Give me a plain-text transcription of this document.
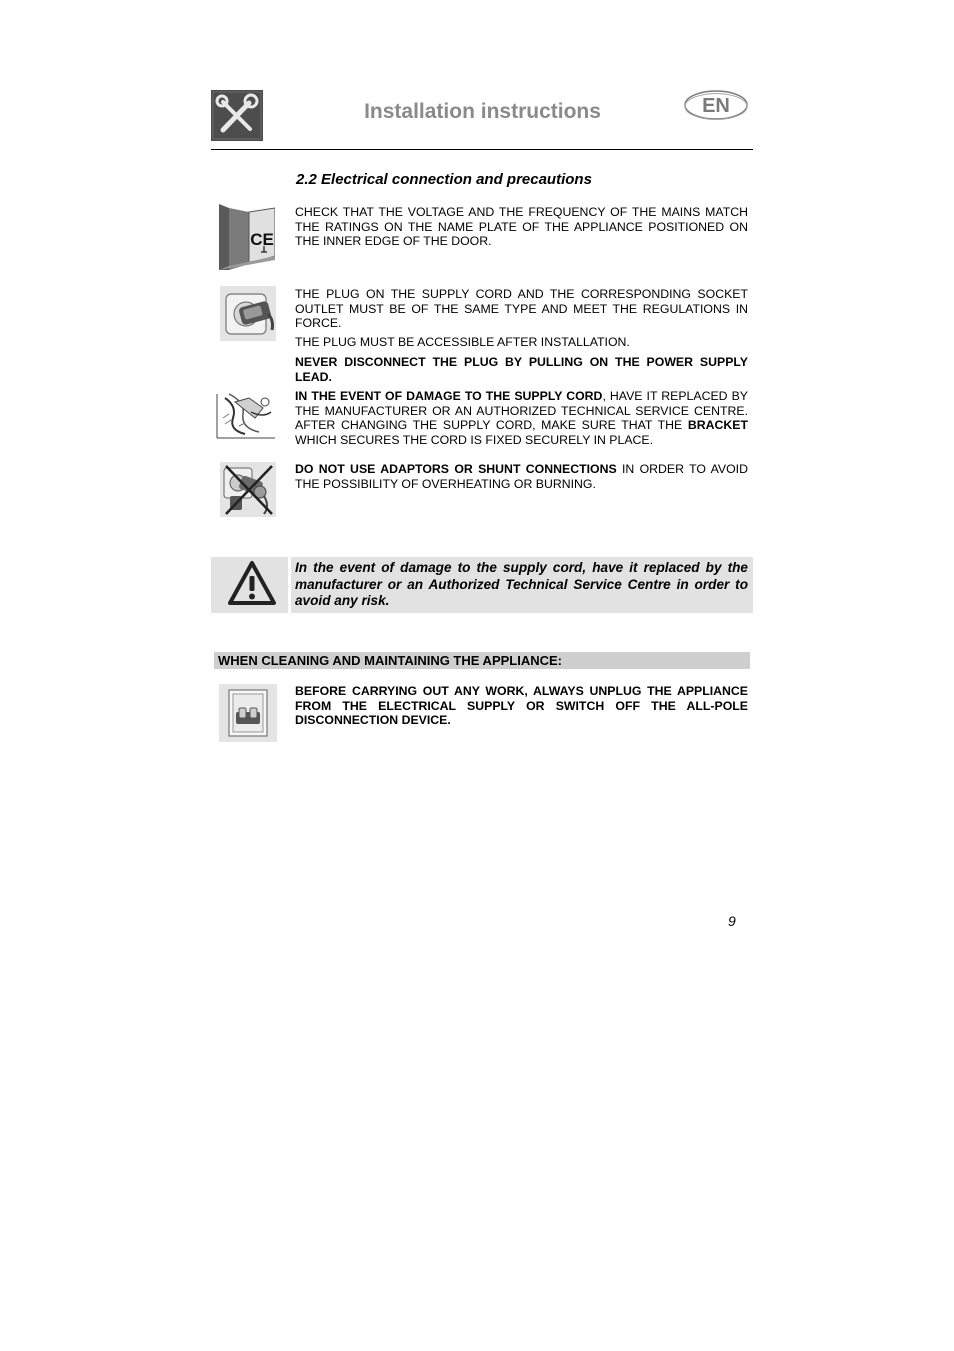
Installation instructions	EN
2.2 Electrical connection and precautions
CE
CHECK THAT THE VOLTAGE AND THE FREQUENCY OF THE MAINS MATCH THE RATINGS ON THE NAME PLATE OF THE APPLIANCE POSITIONED ON THE INNER EDGE OF THE DOOR.
THE PLUG ON THE SUPPLY CORD AND THE CORRESPONDING SOCKET OUTLET MUST BE OF THE SAME TYPE AND MEET THE REGULATIONS IN FORCE.
THE PLUG MUST BE ACCESSIBLE AFTER INSTALLATION.
NEVER DISCONNECT THE PLUG BY PULLING ON THE POWER SUPPLY LEAD.
IN THE EVENT OF DAMAGE TO THE SUPPLY CORD, HAVE IT REPLACED BY THE MANUFACTURER OR AN AUTHORIZED TECHNICAL SERVICE CENTRE. AFTER CHANGING THE SUPPLY CORD, MAKE SURE THAT THE BRACKET WHICH SECURES THE CORD IS FIXED SECURELY IN PLACE.
DO NOT USE ADAPTORS OR SHUNT CONNECTIONS IN ORDER TO AVOID THE POSSIBILITY OF OVERHEATING OR BURNING.
In the event of damage to the supply cord, have it replaced by the manufacturer or an Authorized Technical Service Centre in order to avoid any risk.
WHEN CLEANING AND MAINTAINING THE APPLIANCE:
BEFORE CARRYING OUT ANY WORK, ALWAYS UNPLUG THE APPLIANCE FROM THE ELECTRICAL SUPPLY OR SWITCH OFF THE ALL-POLE DISCONNECTION DEVICE.
9
